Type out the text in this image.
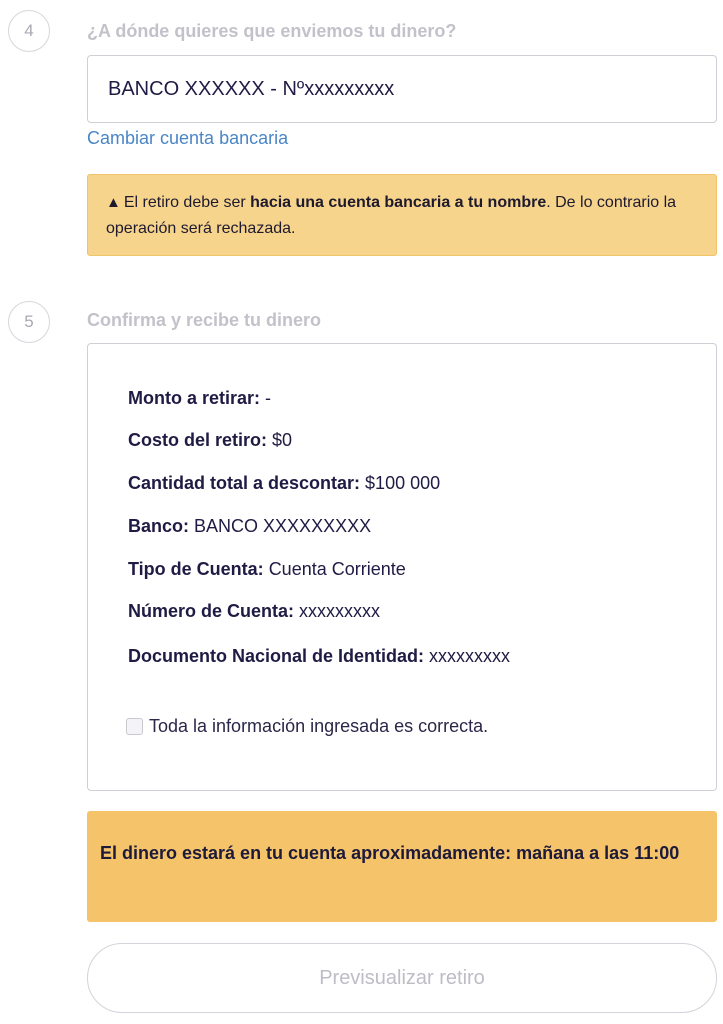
4	¿A dónde quieres que enviemos tu dinero?
BANCO XXXXXX - Nºxxxxxxxxx
Cambiar cuenta bancaria
▲ El retiro debe ser hacia una cuenta bancaria a tu nombre. De lo contrario la operación será rechazada.
5	Confirma y recibe tu dinero
Monto a retirar: -
Costo del retiro: $0
Cantidad total a descontar: $100 000
Banco: BANCO XXXXXXXXX
Tipo de Cuenta: Cuenta Corriente
Número de Cuenta: xxxxxxxxx
Documento Nacional de Identidad: xxxxxxxxx
Toda la información ingresada es correcta.
El dinero estará en tu cuenta aproximadamente: mañana a las 11:00
Previsualizar retiro
